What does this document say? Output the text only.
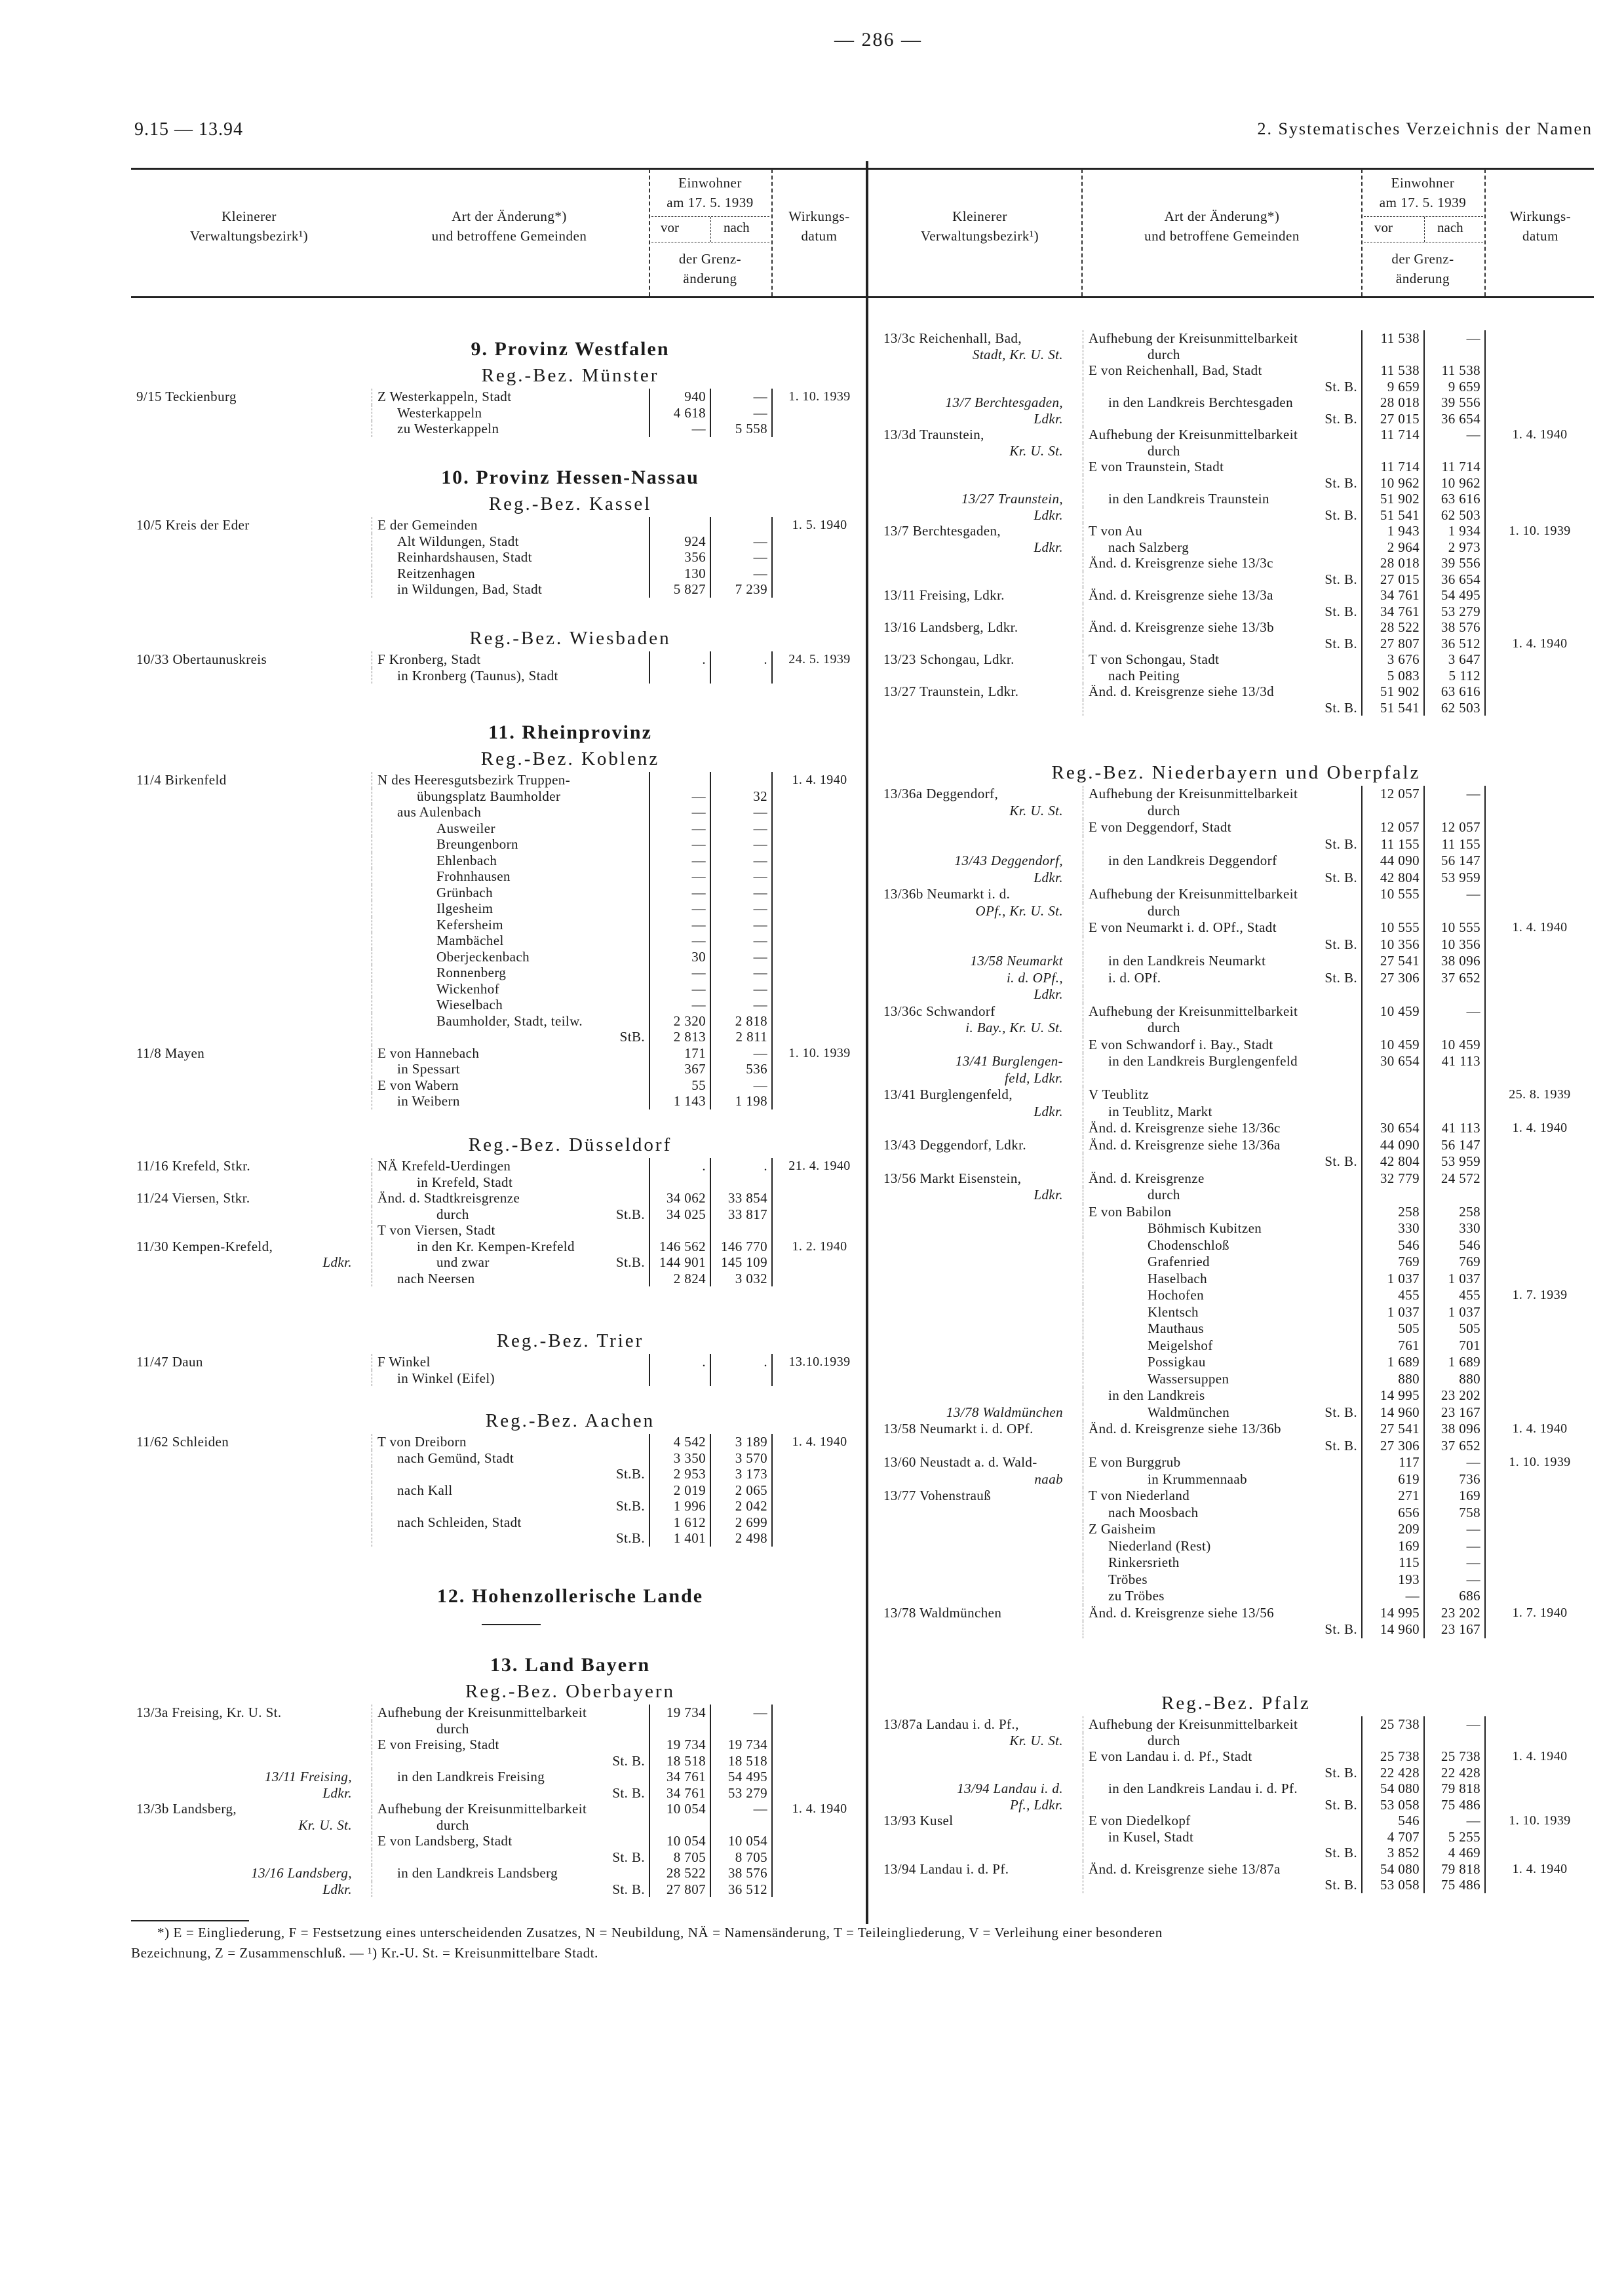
— 286 —
9.15 — 13.94	2. Systematisches Verzeichnis der Namen
Kleinerer
Verwaltungsbezirk¹)
Art der Änderung*)
und betroffene Gemeinden
Einwohner
am 17. 5. 1939
vor	nach
der Grenz-
änderung
Wirkungs-
datum
Kleinerer
Verwaltungsbezirk¹)
Art der Änderung*)
und betroffene Gemeinden
Einwohner
am 17. 5. 1939
vor	nach
der Grenz-
änderung
Wirkungs-
datum
9. Provinz Westfalen
Reg.-Bez. Münster
9/15 Teckienburg	Z Westerkappeln, Stadt	940	—	1. 10. 1939
Westerkappeln	4 618	—
zu Westerkappeln	—	5 558
10. Provinz Hessen-Nassau
Reg.-Bez. Kassel
10/5 Kreis der Eder	E der Gemeinden	1. 5. 1940
Alt Wildungen, Stadt	924	—
Reinhardshausen, Stadt	356	—
Reitzenhagen	130	—
in Wildungen, Bad, Stadt	5 827	7 239
Reg.-Bez. Wiesbaden
10/33 Obertaunuskreis	F Kronberg, Stadt	.	.	24. 5. 1939
in Kronberg (Taunus), Stadt
11. Rheinprovinz
Reg.-Bez. Koblenz
11/4 Birkenfeld	N des Heeresgutsbezirk Truppen-	1. 4. 1940
übungsplatz Baumholder	—	32
aus Aulenbach	—	—
Ausweiler	—	—
Breungenborn	—	—
Ehlenbach	—	—
Frohnhausen	—	—
Grünbach	—	—
Ilgesheim	—	—
Kefersheim	—	—
Mambächel	—	—
Oberjeckenbach	30	—
Ronnenberg	—	—
Wickenhof	—	—
Wieselbach	—	—
Baumholder, Stadt, teilw.	2 320	2 818
StB.	2 813	2 811
11/8 Mayen	E von Hannebach	171	—	1. 10. 1939
in Spessart	367	536
E von Wabern	55	—
in Weibern	1 143	1 198
Reg.-Bez. Düsseldorf
11/16 Krefeld, Stkr.	NÄ Krefeld-Uerdingen	.	.	21. 4. 1940
in Krefeld, Stadt
11/24 Viersen, Stkr.	Änd. d. Stadtkreisgrenze	34 062	33 854
durch	St.B.	34 025	33 817
T von Viersen, Stadt
11/30 Kempen-Krefeld,	in den Kr. Kempen-Krefeld	146 562	146 770	1. 2. 1940
Ldkr.	und zwar	St.B.	144 901	145 109
nach Neersen	2 824	3 032
Reg.-Bez. Trier
11/47 Daun	F Winkel	.	.	13.10.1939
in Winkel (Eifel)
Reg.-Bez. Aachen
11/62 Schleiden	T von Dreiborn	4 542	3 189	1. 4. 1940
nach Gemünd, Stadt	3 350	3 570
St.B.	2 953	3 173
nach Kall	2 019	2 065
St.B.	1 996	2 042
nach Schleiden, Stadt	1 612	2 699
St.B.	1 401	2 498
12. Hohenzollerische Lande
13. Land Bayern
Reg.-Bez. Oberbayern
13/3a Freising, Kr. U. St.	Aufhebung der Kreisunmittelbarkeit	19 734	—
durch
E von Freising, Stadt	19 734	19 734
St. B.	18 518	18 518
13/11 Freising,	in den Landkreis Freising	34 761	54 495
Ldkr.	St. B.	34 761	53 279
13/3b Landsberg,	Aufhebung der Kreisunmittelbarkeit	10 054	—	1. 4. 1940
Kr. U. St.	durch
E von Landsberg, Stadt	10 054	10 054
St. B.	8 705	8 705
13/16 Landsberg,	in den Landkreis Landsberg	28 522	38 576
Ldkr.	St. B.	27 807	36 512
13/3c Reichenhall, Bad,	Aufhebung der Kreisunmittelbarkeit	11 538	—
Stadt, Kr. U. St.	durch
E von Reichenhall, Bad, Stadt	11 538	11 538
St. B.	9 659	9 659
13/7 Berchtesgaden,	in den Landkreis Berchtesgaden	28 018	39 556
Ldkr.	St. B.	27 015	36 654
13/3d Traunstein,	Aufhebung der Kreisunmittelbarkeit	11 714	—	1. 4. 1940
Kr. U. St.	durch
E von Traunstein, Stadt	11 714	11 714
St. B.	10 962	10 962
13/27 Traunstein,	in den Landkreis Traunstein	51 902	63 616
Ldkr.	St. B.	51 541	62 503
13/7 Berchtesgaden,	T von Au	1 943	1 934	1. 10. 1939
Ldkr.	nach Salzberg	2 964	2 973
Änd. d. Kreisgrenze siehe 13/3c	28 018	39 556
St. B.	27 015	36 654
13/11 Freising, Ldkr.	Änd. d. Kreisgrenze siehe 13/3a	34 761	54 495
St. B.	34 761	53 279
13/16 Landsberg, Ldkr.	Änd. d. Kreisgrenze siehe 13/3b	28 522	38 576
St. B.	27 807	36 512	1. 4. 1940
13/23 Schongau, Ldkr.	T von Schongau, Stadt	3 676	3 647
nach Peiting	5 083	5 112
13/27 Traunstein, Ldkr.	Änd. d. Kreisgrenze siehe 13/3d	51 902	63 616
St. B.	51 541	62 503
Reg.-Bez. Niederbayern und Oberpfalz
13/36a Deggendorf,	Aufhebung der Kreisunmittelbarkeit	12 057	—
Kr. U. St.	durch
E von Deggendorf, Stadt	12 057	12 057
St. B.	11 155	11 155
13/43 Deggendorf,	in den Landkreis Deggendorf	44 090	56 147
Ldkr.	St. B.	42 804	53 959
13/36b Neumarkt i. d.	Aufhebung der Kreisunmittelbarkeit	10 555	—
OPf., Kr. U. St.	durch
E von Neumarkt i. d. OPf., Stadt	10 555	10 555	1. 4. 1940
St. B.	10 356	10 356
13/58 Neumarkt	in den Landkreis Neumarkt	27 541	38 096
i. d. OPf.,	i. d. OPf.	St. B.	27 306	37 652
Ldkr.
13/36c Schwandorf	Aufhebung der Kreisunmittelbarkeit	10 459	—
i. Bay., Kr. U. St.	durch
E von Schwandorf i. Bay., Stadt	10 459	10 459
13/41 Burglengen-	in den Landkreis Burglengenfeld	30 654	41 113
feld, Ldkr.
13/41 Burglengenfeld,	V Teublitz	25. 8. 1939
Ldkr.	in Teublitz, Markt
Änd. d. Kreisgrenze siehe 13/36c	30 654	41 113	1. 4. 1940
13/43 Deggendorf, Ldkr.	Änd. d. Kreisgrenze siehe 13/36a	44 090	56 147
St. B.	42 804	53 959
13/56 Markt Eisenstein,	Änd. d. Kreisgrenze	32 779	24 572
Ldkr.	durch
E von Babilon	258	258
Böhmisch Kubitzen	330	330
Chodenschloß	546	546
Grafenried	769	769
Haselbach	1 037	1 037
Hochofen	455	455	1. 7. 1939
Klentsch	1 037	1 037
Mauthaus	505	505
Meigelshof	761	701
Possigkau	1 689	1 689
Wassersuppen	880	880
in den Landkreis	14 995	23 202
13/78 Waldmünchen	Waldmünchen	St. B.	14 960	23 167
13/58 Neumarkt i. d. OPf.	Änd. d. Kreisgrenze siehe 13/36b	27 541	38 096	1. 4. 1940
St. B.	27 306	37 652
13/60 Neustadt a. d. Wald-	E von Burggrub	117	—	1. 10. 1939
naab	in Krummennaab	619	736
13/77 Vohenstrauß	T von Niederland	271	169
nach Moosbach	656	758
Z Gaisheim	209	—
Niederland (Rest)	169	—
Rinkersrieth	115	—
Tröbes	193	—
zu Tröbes	—	686
13/78 Waldmünchen	Änd. d. Kreisgrenze siehe 13/56	14 995	23 202	1. 7. 1940
St. B.	14 960	23 167
Reg.-Bez. Pfalz
13/87a Landau i. d. Pf.,	Aufhebung der Kreisunmittelbarkeit	25 738	—
Kr. U. St.	durch
E von Landau i. d. Pf., Stadt	25 738	25 738	1. 4. 1940
St. B.	22 428	22 428
13/94 Landau i. d.	in den Landkreis Landau i. d. Pf.	54 080	79 818
Pf., Ldkr.	St. B.	53 058	75 486
13/93 Kusel	E von Diedelkopf	546	—	1. 10. 1939
in Kusel, Stadt	4 707	5 255
St. B.	3 852	4 469
13/94 Landau i. d. Pf.	Änd. d. Kreisgrenze siehe 13/87a	54 080	79 818	1. 4. 1940
St. B.	53 058	75 486
*) E = Eingliederung, F = Festsetzung eines unterscheidenden Zusatzes, N = Neubildung, NÄ = Namensänderung, T = Teileingliederung, V = Verleihung einer besonderen
Bezeichnung, Z = Zusammenschluß. — ¹) Kr.-U. St. = Kreisunmittelbare Stadt.
